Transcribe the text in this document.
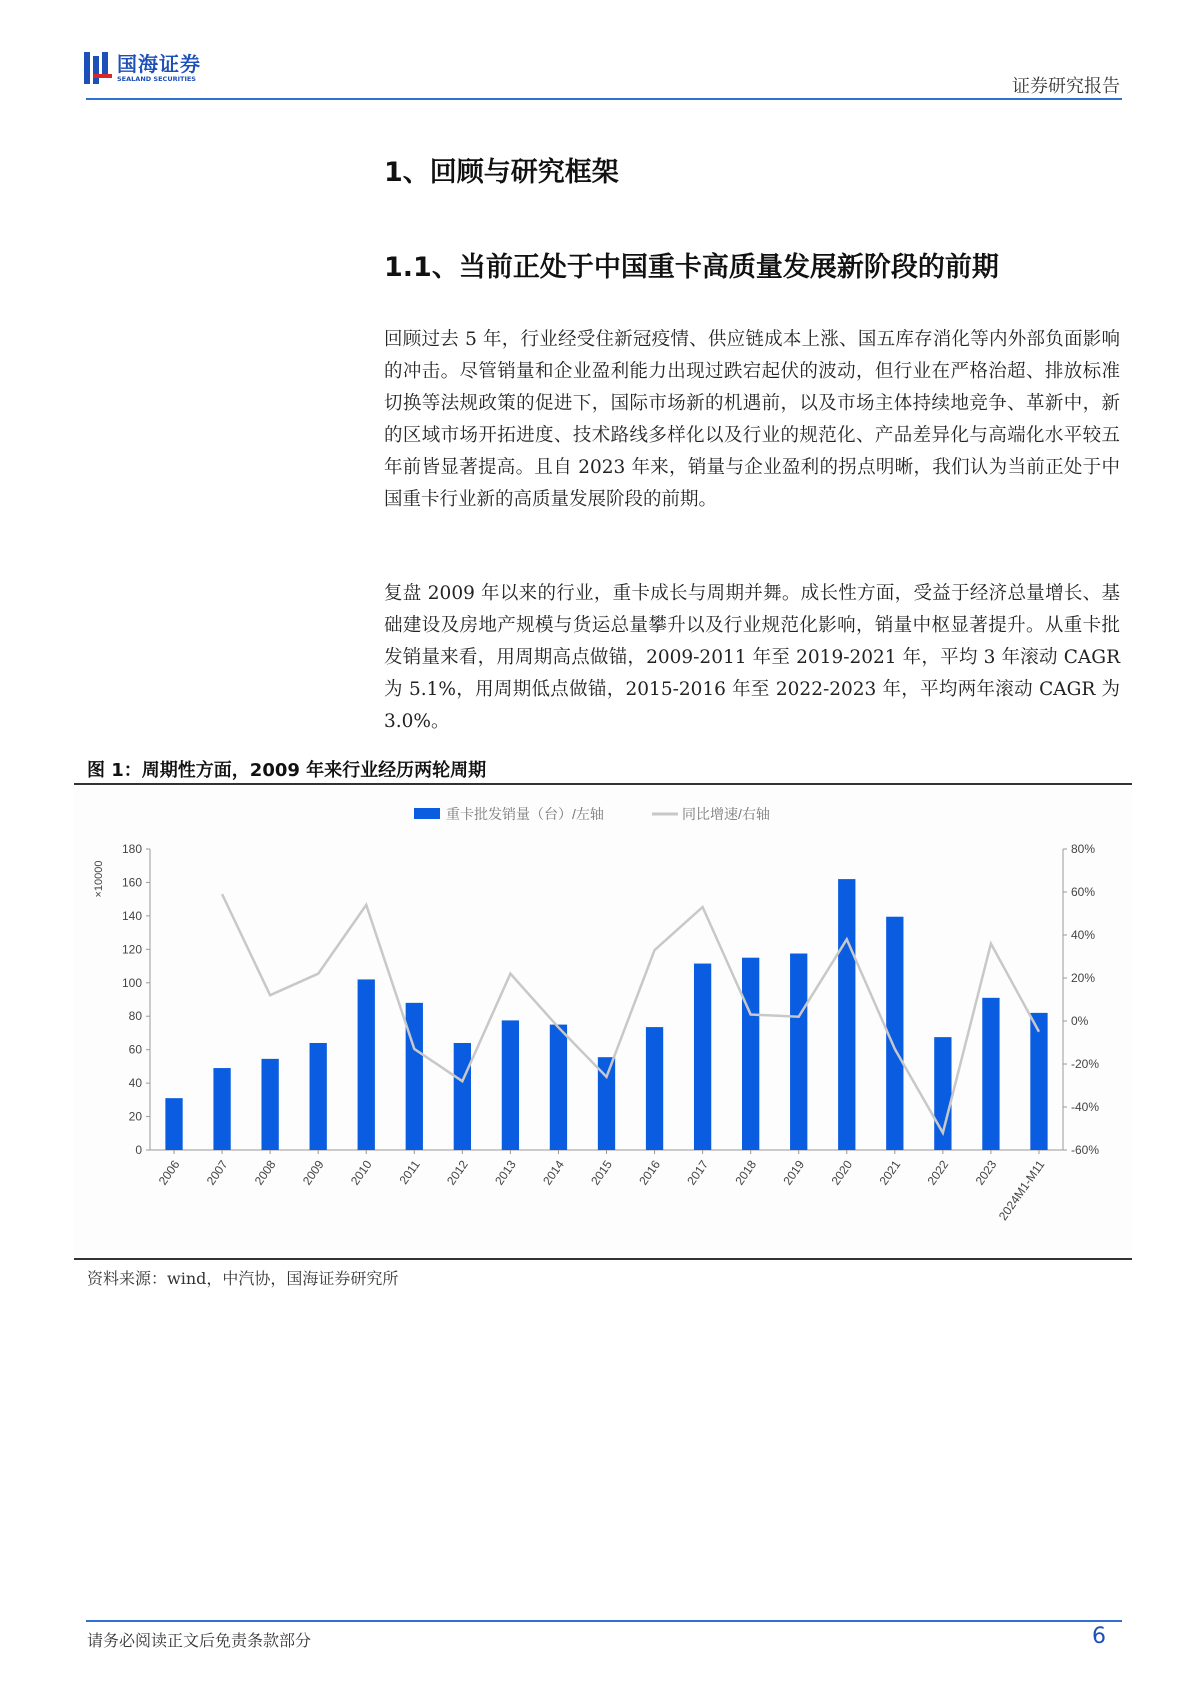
国海证券
SEALAND SECURITIES	证券研究报告
1、回顾与研究框架
1.1、当前正处于中国重卡高质量发展新阶段的前期

回顾过去 5 年，行业经受住新冠疫情、供应链成本上涨、国五库存消化等内外部负面影响的冲击。尽管销量和企业盈利能力出现过跌宕起伏的波动，但行业在严格治超、排放标准切换等法规政策的促进下，国际市场新的机遇前，以及市场主体持续地竞争、革新中，新的区域市场开拓进度、技术路线多样化以及行业的规范化、产品差异化与高端化水平较五年前皆显著提高。且自 2023 年来，销量与企业盈利的拐点明晰，我们认为当前正处于中国重卡行业新的高质量发展阶段的前期。

复盘 2009 年以来的行业，重卡成长与周期并舞。成长性方面，受益于经济总量增长、基础建设及房地产规模与货运总量攀升以及行业规范化影响，销量中枢显著提升。从重卡批发销量来看，用周期高点做锚，2009-2011 年至 2019-2021 年，平均 3 年滚动 CAGR 为 5.1%，用周期低点做锚，2015-2016 年至 2022-2023 年，平均两年滚动 CAGR 为 3.0%。

图 1：周期性方面，2009 年来行业经历两轮周期
0
20
40
60
80
100
120
140
160
180
-60%
-40%
-20%
0%
20%
40%
60%
80%
×10000
2006 2007 2008 2009 2010 2011 2012 2013 2014 2015 2016 2017 2018 2019 2020 2021 2022 2023
2024M1-M11
重卡批发销量（台）/左轴	同比增速/右轴
资料来源：wind，中汽协，国海证券研究所
请务必阅读正文后免责条款部分	6
